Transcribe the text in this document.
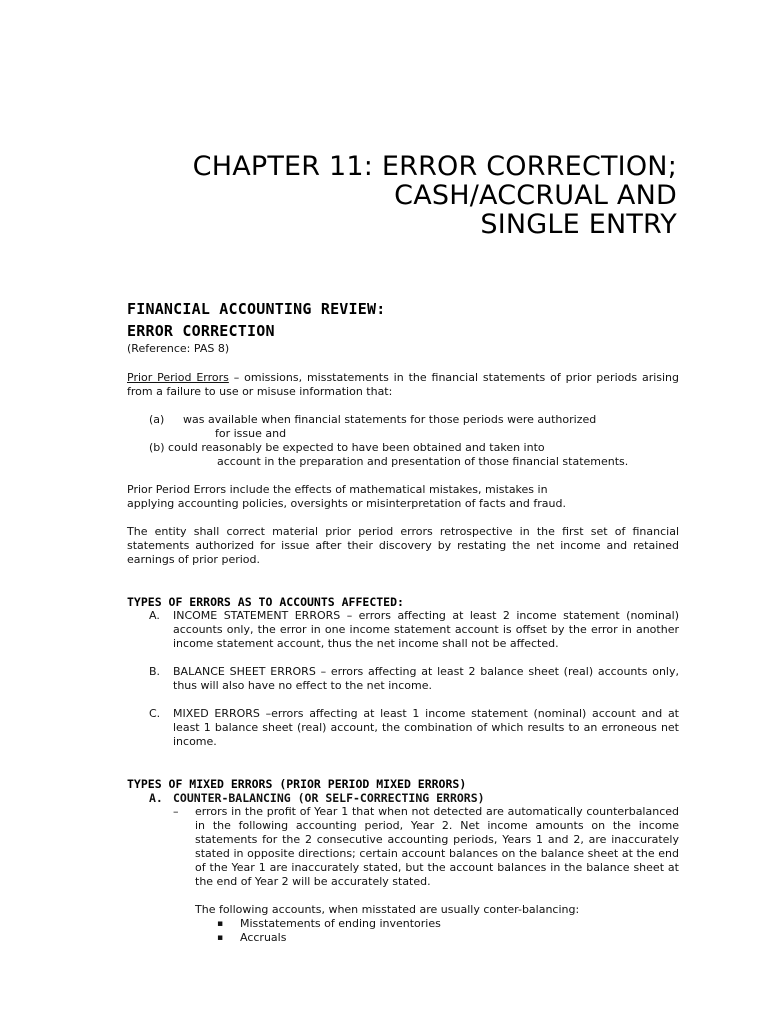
CHAPTER 11: ERROR CORRECTION;
CASH/ACCRUAL AND
SINGLE ENTRY
FINANCIAL ACCOUNTING REVIEW:
ERROR CORRECTION
(Reference: PAS 8)
Prior Period Errors – omissions, misstatements in the financial statements of prior periods arising from a failure to use or misuse information that:
(a)	was available when financial statements for those periods were authorized
for issue and
(b) could reasonably be expected to have been obtained and taken into
account in the preparation and presentation of those financial statements.
Prior Period Errors include the effects of mathematical mistakes, mistakes in
applying accounting policies, oversights or misinterpretation of facts and fraud.
The entity shall correct material prior period errors retrospective in the first set of financial statements authorized for issue after their discovery by restating the net income and retained earnings of prior period.
TYPES OF ERRORS AS TO ACCOUNTS AFFECTED:
A.	INCOME STATEMENT ERRORS – errors affecting at least 2 income statement (nominal) accounts only, the error in one income statement account is offset by the error in another income statement account, thus the net income shall not be affected.
B.	BALANCE SHEET ERRORS – errors affecting at least 2 balance sheet (real) accounts only, thus will also have no effect to the net income.
C.	MIXED ERRORS –errors affecting at least 1 income statement (nominal) account and at least 1 balance sheet (real) account, the combination of which results to an erroneous net income.
TYPES OF MIXED ERRORS (PRIOR PERIOD MIXED ERRORS)
A. COUNTER-BALANCING (OR SELF-CORRECTING ERRORS)
–	errors in the profit of Year 1 that when not detected are automatically counterbalanced in the following accounting period, Year 2. Net income amounts on the income statements for the 2 consecutive accounting periods, Years 1 and 2, are inaccurately stated in opposite directions; certain account balances on the balance sheet at the end of the Year 1 are inaccurately stated, but the account balances in the balance sheet at the end of Year 2 will be accurately stated.
The following accounts, when misstated are usually conter-balancing:
▪	Misstatements of ending inventories
▪	Accruals
